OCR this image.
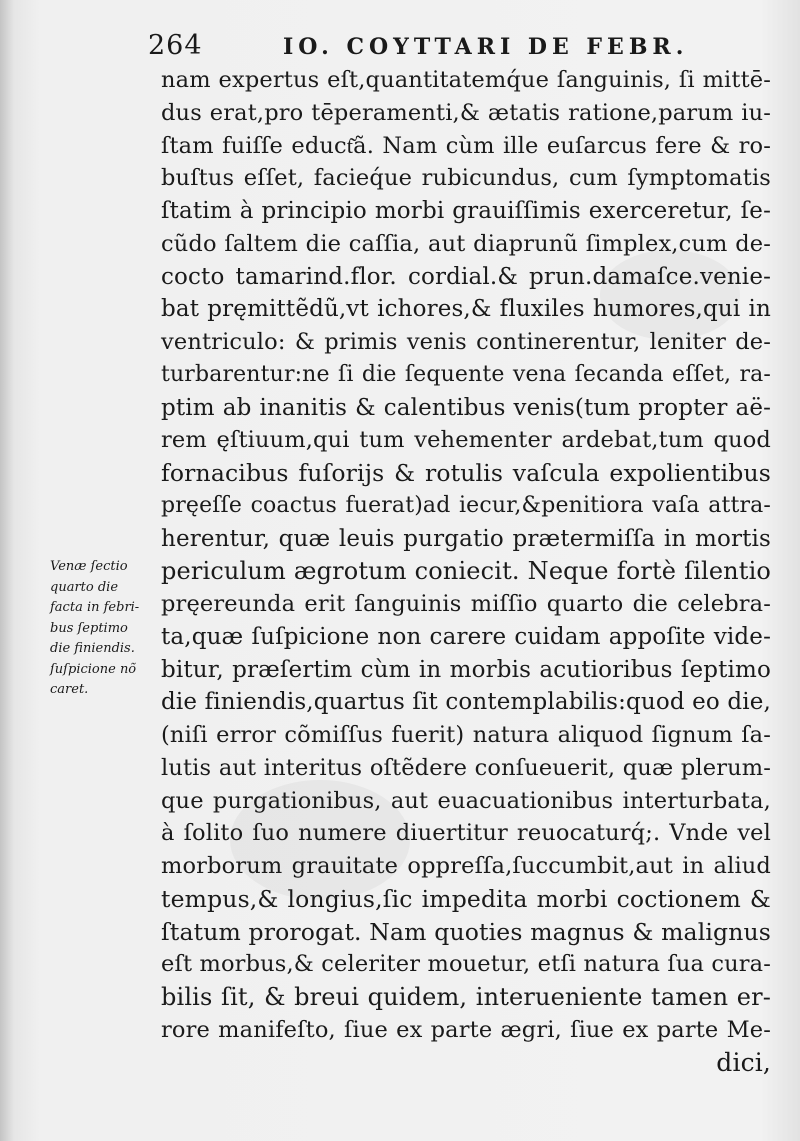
264	IO. COYTTARI DE FEBR.
Venæ ſectio
quarto die
facta in febri-
bus ſeptimo
die finiendis.
ſuſpicione nõ
caret.
nam expertus eſt,quantitatemq́ue ſanguinis, ſi mittē-
dus erat,pro tēperamenti,& ætatis ratione,parum iu-
ſtam fuiſſe educt͂ã. Nam cùm ille euſarcus fere & ro-
buſtus eſſet, facieq́ue rubicundus, cum ſymptomatis
ſtatim à principio morbi grauiſſimis exerceretur, ſe-
cũdo ſaltem die caſſia, aut diaprunũ ſimplex,cum de-
cocto tamarind.flor. cordial.& prun.damaſce.venie-
bat pręmittẽdũ,vt ichores,& fluxiles humores,qui in
ventriculo: & primis venis continerentur, leniter de-
turbarentur:ne ſi die ſequente vena ſecanda eſſet, ra-
ptim ab inanitis & calentibus venis(tum propter aë-
rem ęſtiuum,qui tum vehementer ardebat,tum quod
fornacibus fuſorijs & rotulis vaſcula expolientibus
pręeſſe coactus fuerat)ad iecur,&penitiora vaſa attra-
herentur, quæ leuis purgatio prætermiſſa in mortis
periculum ægrotum coniecit. Neque fortè ſilentio
pręereunda erit ſanguinis miſſio quarto die celebra-
ta,quæ ſuſpicione non carere cuidam appoſite vide-
bitur, præſertim cùm in morbis acutioribus ſeptimo
die finiendis,quartus ſit contemplabilis:quod eo die,
(niſi error cõmiſſus fuerit) natura aliquod ſignum ſa-
lutis aut interitus oſtẽdere conſueuerit, quæ plerum-
que purgationibus, aut euacuationibus interturbata,
à ſolito ſuo numere diuertitur reuocaturq́;. Vnde vel
morborum grauitate oppreſſa,ſuccumbit,aut in aliud
tempus,& longius,ſic impedita morbi coctionem &
ſtatum prorogat. Nam quoties magnus & malignus
eſt morbus,& celeriter mouetur, etſi natura ſua cura-
bilis ſit, & breui quidem, interueniente tamen er-
rore manifeſto, ſiue ex parte ægri, ſiue ex parte Me-
dici,
